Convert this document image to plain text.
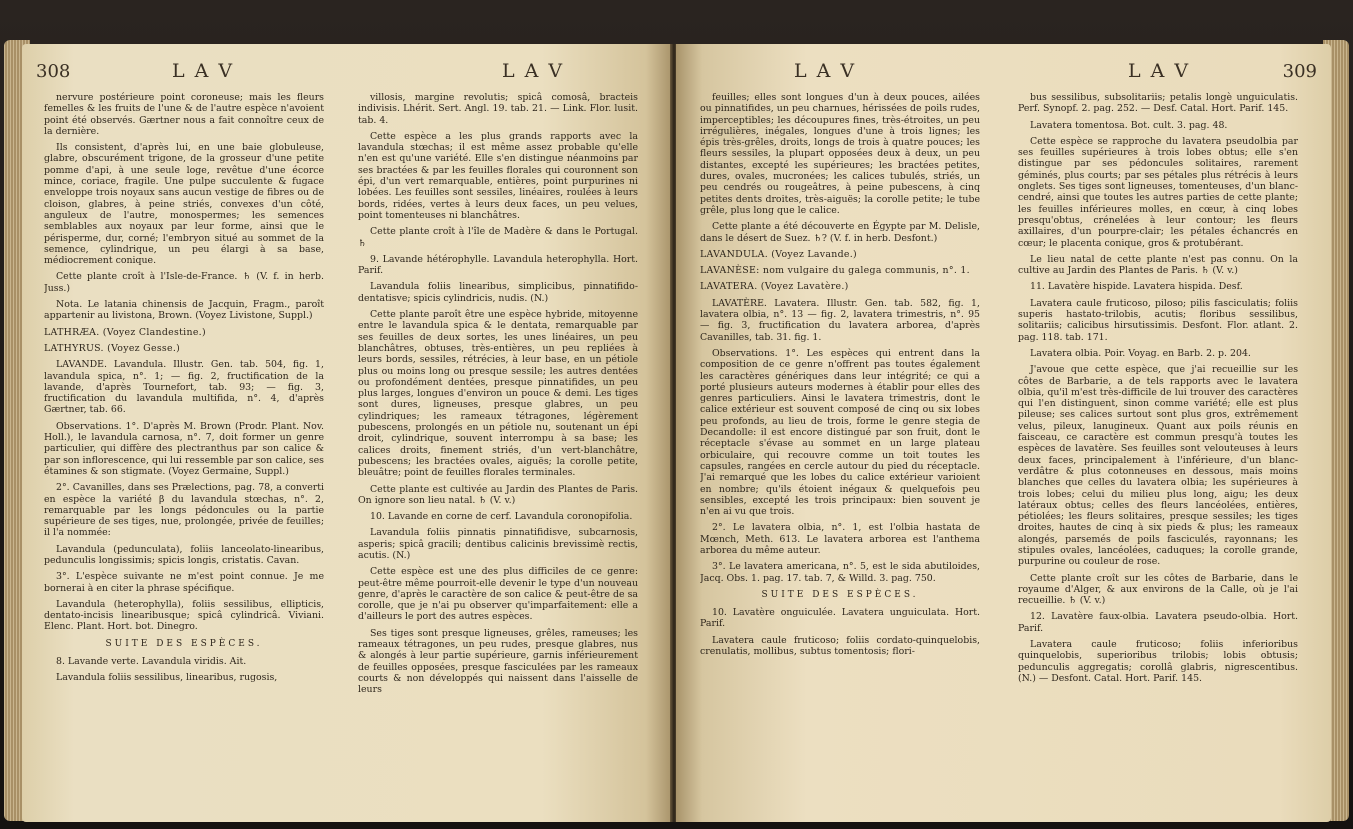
308	L A V	L A V

nervure postérieure point coroneuse; mais les fleurs femelles & les fruits de l'une & de l'autre espèce n'avoient point été observés. Gærtner nous a fait connoître ceux de la dernière.

Ils consistent, d'après lui, en une baie globuleuse, glabre, obscurément trigone, de la grosseur d'une petite pomme d'api, à une seule loge, revêtue d'une écorce mince, coriace, fragile. Une pulpe succulente & fugace enveloppe trois noyaux sans aucun vestige de fibres ou de cloison, glabres, à peine striés, convexes d'un côté, anguleux de l'autre, monospermes; les semences semblables aux noyaux par leur forme, ainsi que le périsperme, dur, corné; l'embryon situé au sommet de la semence, cylindrique, un peu élargi à sa base, médiocrement conique.

Cette plante croît à l'Isle-de-France. ♄ (V. f. in herb. Juss.)

Nota. Le lataniа chinensis de Jacquin, Fragm., paroît appartenir au livistona, Brown. (Voyez Livistone, Suppl.)

LATHRÆA. (Voyez Clandestine.)

LATHYRUS. (Voyez Gesse.)

LAVANDE. Lavandula. Illustr. Gen. tab. 504, fig. 1, lavandula spica, n°. 1; — fig. 2, fructification de la lavande, d'après Tournefort, tab. 93; — fig. 3, fructification du lavandula multifida, n°. 4, d'après Gærtner, tab. 66.

Observations. 1°. D'après M. Brown (Prodr. Plant. Nov. Holl.), le lavandula carnosa, n°. 7, doit former un genre particulier, qui diffère des plectranthus par son calice & par son inflorescence, qui lui ressemble par son calice, ses étamines & son stigmate. (Voyez Germaine, Suppl.)

2°. Cavanilles, dans ses Prælections, pag. 78, a converti en espèce la variété β du lavandula stœchas, n°. 2, remarquable par les longs pédoncules ou la partie supérieure de ses tiges, nue, prolongée, privée de feuilles; il l'a nommée:

Lavandula (pedunculata), foliis lanceolato-linearibus, pedunculis longissimis; spicis longis, cristatis. Cavan.

3°. L'espèce suivante ne m'est point connue. Je me bornerai à en citer la phrase spécifique.

Lavandula (heterophylla), foliis sessilibus, ellipticis, dentato-incisis linearibusque; spicâ cylindricâ. Viviani. Elenc. Plant. Hort. bot. Dinegro.

SUITE DES ESPÈCES.

8. Lavande verte. Lavandula viridis. Ait.

Lavandula foliis sessilibus, linearibus, rugosis,

villosis, margine revolutis; spicâ comosâ, bracteis indivisis. Lhérit. Sert. Angl. 19. tab. 21. — Link. Flor. lusit. tab. 4.

Cette espèce a les plus grands rapports avec la lavandula stœchas; il est même assez probable qu'elle n'en est qu'une variété. Elle s'en distingue néanmoins par ses bractées & par les feuilles florales qui couronnent son épi, d'un vert remarquable, entières, point purpurines ni lobées. Les feuilles sont sessiles, linéaires, roulées à leurs bords, ridées, vertes à leurs deux faces, un peu velues, point tomenteuses ni blanchâtres.

Cette plante croît à l'île de Madère & dans le Portugal. ♄

9. Lavande hétérophylle. Lavandula heterophylla. Hort. Parif.

Lavandula foliis linearibus, simplicibus, pinnatifido-dentatisve; spicis cylindricis, nudis. (N.)

Cette plante paroît être une espèce hybride, mitoyenne entre le lavandula spica & le dentata, remarquable par ses feuilles de deux sortes, les unes linéaires, un peu blanchâtres, obtuses, très-entières, un peu repliées à leurs bords, sessiles, rétrécies, à leur base, en un pétiole plus ou moins long ou presque sessile; les autres dentées ou profondément dentées, presque pinnatifides, un peu plus larges, longues d'environ un pouce & demi. Les tiges sont dures, ligneuses, presque glabres, un peu cylindriques; les rameaux tétragones, légèrement pubescens, prolongés en un pétiole nu, soutenant un épi droit, cylindrique, souvent interrompu à sa base; les calices droits, finement striés, d'un vert-blanchâtre, pubescens; les bractées ovales, aiguës; la corolle petite, bleuâtre; point de feuilles florales terminales.

Cette plante est cultivée au Jardin des Plantes de Paris. On ignore son lieu natal. ♄ (V. v.)

10. Lavande en corne de cerf. Lavandula coronopifolia.

Lavandula foliis pinnatis pinnatifidisve, subcarnosis, asperis; spicâ gracili; dentibus calicinis brevissimè rectis, acutis. (N.)

Cette espèce est une des plus difficiles de ce genre: peut-être même pourroit-elle devenir le type d'un nouveau genre, d'après le caractère de son calice & peut-être de sa corolle, que je n'ai pu observer qu'imparfaitement: elle a d'ailleurs le port des autres espèces.

Ses tiges sont presque ligneuses, grêles, rameuses; les rameaux tétragones, un peu rudes, presque glabres, nus & alongés à leur partie supérieure, garnis inférieurement de feuilles opposées, presque fasciculées par les rameaux courts & non développés qui naissent dans l'aisselle de leurs

L A V	L A V	309

feuilles; elles sont longues d'un à deux pouces, ailées ou pinnatifides, un peu charnues, hérissées de poils rudes, imperceptibles; les découpures fines, très-étroites, un peu irrégulières, inégales, longues d'une à trois lignes; les épis très-grêles, droits, longs de trois à quatre pouces; les fleurs sessiles, la plupart opposées deux à deux, un peu distantes, excepté les supérieures; les bractées petites, dures, ovales, mucronées; les calices tubulés, striés, un peu cendrés ou rougeâtres, à peine pubescens, à cinq petites dents droites, très-aiguës; la corolle petite; le tube grêle, plus long que le calice.

Cette plante a été découverte en Égypte par M. Delisle, dans le désert de Suez. ♄? (V. f. in herb. Desfont.)

LAVANDULA. (Voyez Lavande.)

LAVANÈSE: nom vulgaire du galega communis, n°. 1.

LAVATERA. (Voyez Lavatère.)

LAVATÈRE. Lavatera. Illustr. Gen. tab. 582, fig. 1, lavatera olbia, n°. 13 — fig. 2, lavatera trimestris, n°. 95 — fig. 3, fructification du lavatera arborea, d'après Cavanilles, tab. 31. fig. 1.

Observations. 1°. Les espèces qui entrent dans la composition de ce genre n'offrent pas toutes également les caractères génériques dans leur intégrité; ce qui a porté plusieurs auteurs modernes à établir pour elles des genres particuliers. Ainsi le lavatera trimestris, dont le calice extérieur est souvent composé de cinq ou six lobes peu profonds, au lieu de trois, forme le genre stegia de Decandolle: il est encore distingué par son fruit, dont le réceptacle s'évase au sommet en un large plateau orbiculaire, qui recouvre comme un toit toutes les capsules, rangées en cercle autour du pied du réceptacle. J'ai remarqué que les lobes du calice extérieur varioient en nombre; qu'ils étoient inégaux & quelquefois peu sensibles, excepté les trois principaux: bien souvent je n'en ai vu que trois.

2°. Le lavatera olbia, n°. 1, est l'olbia hastata de Mœnch, Meth. 613. Le lavatera arborea est l'anthema arborea du même auteur.

3°. Le lavatera americana, n°. 5, est le sida abutiloides, Jacq. Obs. 1. pag. 17. tab. 7, & Willd. 3. pag. 750.

SUITE DES ESPÈCES.

10. Lavatère onguiculée. Lavatera unguiculata. Hort. Parif.

Lavatera caule fruticoso; foliis cordato-quinquelobis, crenulatis, mollibus, subtus tomentosis; flori-

bus sessilibus, subsolitariis; petalis longè unguiculatis. Perf. Synopf. 2. pag. 252. — Desf. Catal. Hort. Parif. 145.

Lavatera tomentosa. Bot. cult. 3. pag. 48.

Cette espèce se rapproche du lavatera pseudolbia par ses feuilles supérieures à trois lobes obtus; elle s'en distingue par ses pédoncules solitaires, rarement géminés, plus courts; par ses pétales plus rétrécis à leurs onglets. Ses tiges sont ligneuses, tomenteuses, d'un blanc-cendré, ainsi que toutes les autres parties de cette plante; les feuilles inférieures molles, en cœur, à cinq lobes presqu'obtus, crénelées à leur contour; les fleurs axillaires, d'un pourpre-clair; les pétales échancrés en cœur; le placenta conique, gros & protubérant.

Le lieu natal de cette plante n'est pas connu. On la cultive au Jardin des Plantes de Paris. ♄ (V. v.)

11. Lavatère hispide. Lavatera hispida. Desf.

Lavatera caule fruticoso, piloso; pilis fasciculatis; foliis superis hastato-trilobis, acutis; floribus sessilibus, solitariis; calicibus hirsutissimis. Desfont. Flor. atlant. 2. pag. 118. tab. 171.

Lavatera olbia. Poir. Voyag. en Barb. 2. p. 204.

J'avoue que cette espèce, que j'ai recueillie sur les côtes de Barbarie, a de tels rapports avec le lavatera olbia, qu'il m'est très-difficile de lui trouver des caractères qui l'en distinguent, sinon comme variété; elle est plus pileuse; ses calices surtout sont plus gros, extrêmement velus, pileux, lanugineux. Quant aux poils réunis en faisceau, ce caractère est commun presqu'à toutes les espèces de lavatère. Ses feuilles sont velouteuses à leurs deux faces, principalement à l'inférieure, d'un blanc-verdâtre & plus cotonneuses en dessous, mais moins blanches que celles du lavatera olbia; les supérieures à trois lobes; celui du milieu plus long, aigu; les deux latéraux obtus; celles des fleurs lancéolées, entières, pétiolées; les fleurs solitaires, presque sessiles; les tiges droites, hautes de cinq à six pieds & plus; les rameaux alongés, parsemés de poils fasciculés, rayonnans; les stipules ovales, lancéolées, caduques; la corolle grande, purpurine ou couleur de rose.

Cette plante croît sur les côtes de Barbarie, dans le royaume d'Alger, & aux environs de la Calle, où je l'ai recueillie. ♄ (V. v.)

12. Lavatère faux-olbia. Lavatera pseudo-olbia. Hort. Parif.

Lavatera caule fruticoso; foliis inferioribus quinquelobis, superioribus trilobis; lobis obtusis; pedunculis aggregatis; corollâ glabris, nigrescentibus. (N.) — Desfont. Catal. Hort. Parif. 145.
